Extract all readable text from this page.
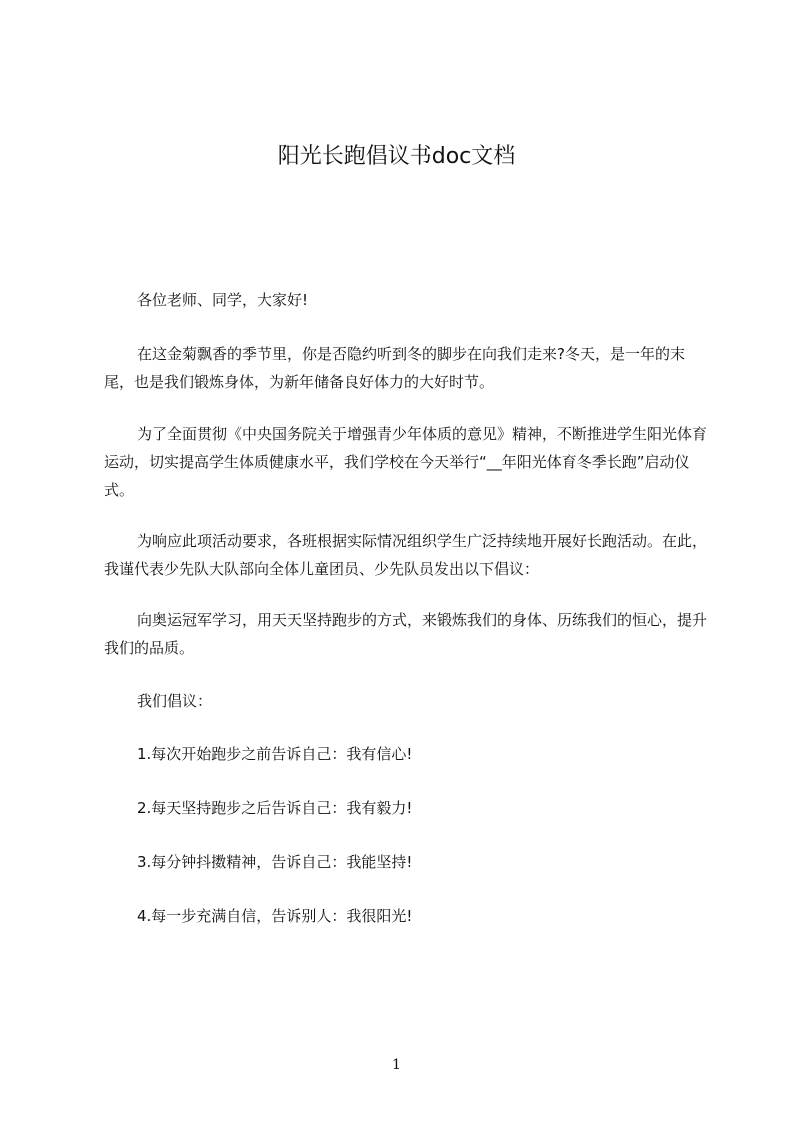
阳光长跑倡议书doc文档
各位老师、同学，大家好!
在这金菊飘香的季节里，你是否隐约听到冬的脚步在向我们走来?冬天，是一年的末尾，也是我们锻炼身体，为新年储备良好体力的大好时节。
为了全面贯彻《中央国务院关于增强青少年体质的意见》精神，不断推进学生阳光体育运动，切实提高学生体质健康水平，我们学校在今天举行“__年阳光体育冬季长跑”启动仪式。
为响应此项活动要求，各班根据实际情况组织学生广泛持续地开展好长跑活动。在此，我谨代表少先队大队部向全体儿童团员、少先队员发出以下倡议：
向奥运冠军学习，用天天坚持跑步的方式，来锻炼我们的身体、历练我们的恒心，提升我们的品质。
我们倡议：
1.每次开始跑步之前告诉自己：我有信心!
2.每天坚持跑步之后告诉自己：我有毅力!
3.每分钟抖擞精神，告诉自己：我能坚持!
4.每一步充满自信，告诉别人：我很阳光!
1
